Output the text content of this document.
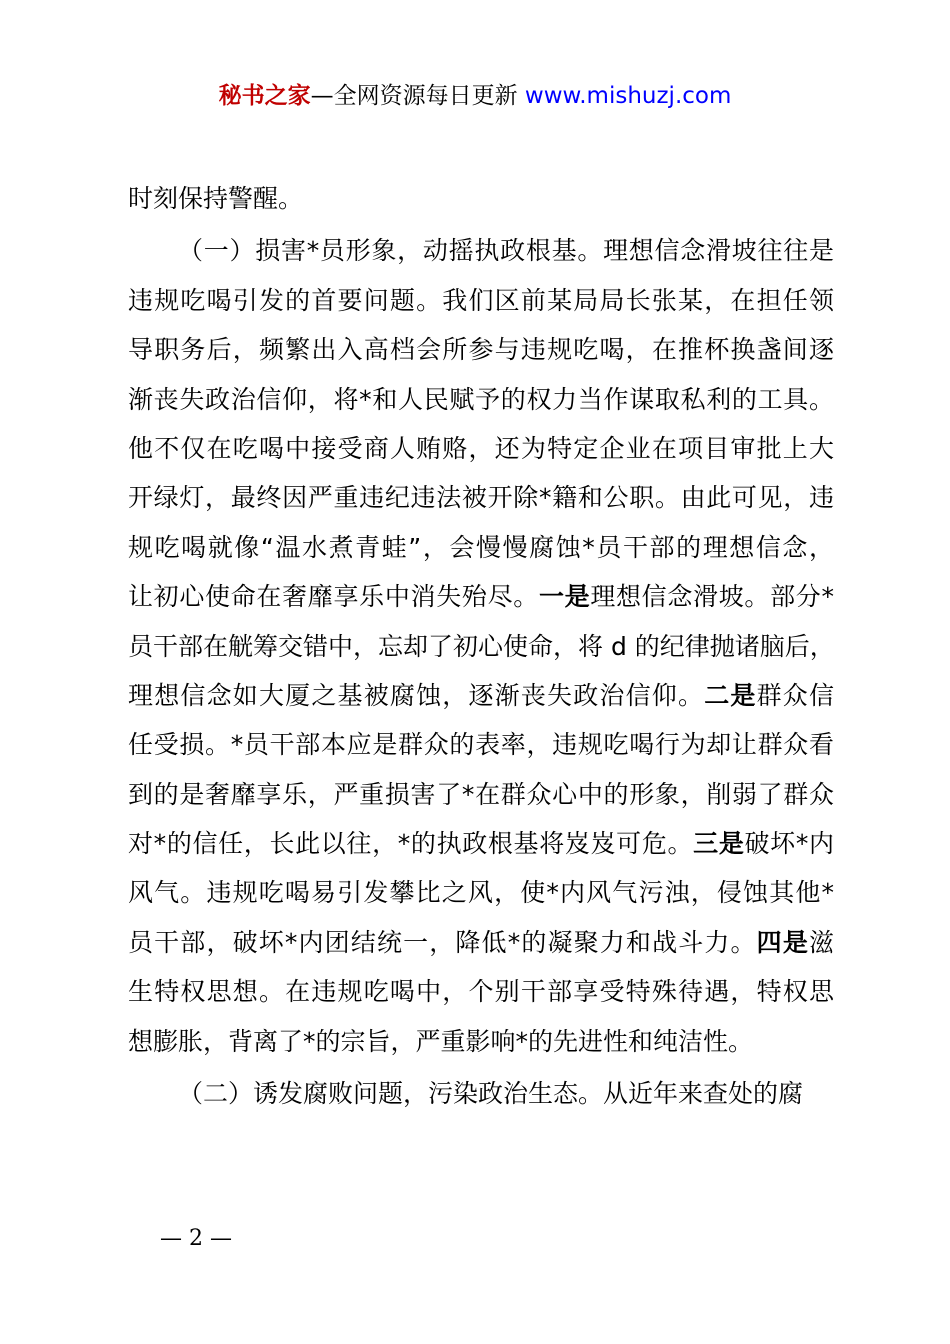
秘书之家—全网资源每日更新 www.mishuzj.com
时刻保持警醒。
（一）损害*员形象，动摇执政根基。理想信念滑坡往往是
违规吃喝引发的首要问题。我们区前某局局长张某，在担任领
导职务后，频繁出入高档会所参与违规吃喝，在推杯换盏间逐
渐丧失政治信仰，将*和人民赋予的权力当作谋取私利的工具。
他不仅在吃喝中接受商人贿赂，还为特定企业在项目审批上大
开绿灯，最终因严重违纪违法被开除*籍和公职。由此可见，违
规吃喝就像“温水煮青蛙”，会慢慢腐蚀*员干部的理想信念，
让初心使命在奢靡享乐中消失殆尽。一是理想信念滑坡。部分*
员干部在觥筹交错中，忘却了初心使命，将 d 的纪律抛诸脑后，
理想信念如大厦之基被腐蚀，逐渐丧失政治信仰。二是群众信
任受损。*员干部本应是群众的表率，违规吃喝行为却让群众看
到的是奢靡享乐，严重损害了*在群众心中的形象，削弱了群众
对*的信任，长此以往，*的执政根基将岌岌可危。三是破坏*内
风气。违规吃喝易引发攀比之风，使*内风气污浊，侵蚀其他*
员干部，破坏*内团结统一，降低*的凝聚力和战斗力。四是滋
生特权思想。在违规吃喝中，个别干部享受特殊待遇，特权思
想膨胀，背离了*的宗旨，严重影响*的先进性和纯洁性。
（二）诱发腐败问题，污染政治生态。从近年来查处的腐
— 2 —
